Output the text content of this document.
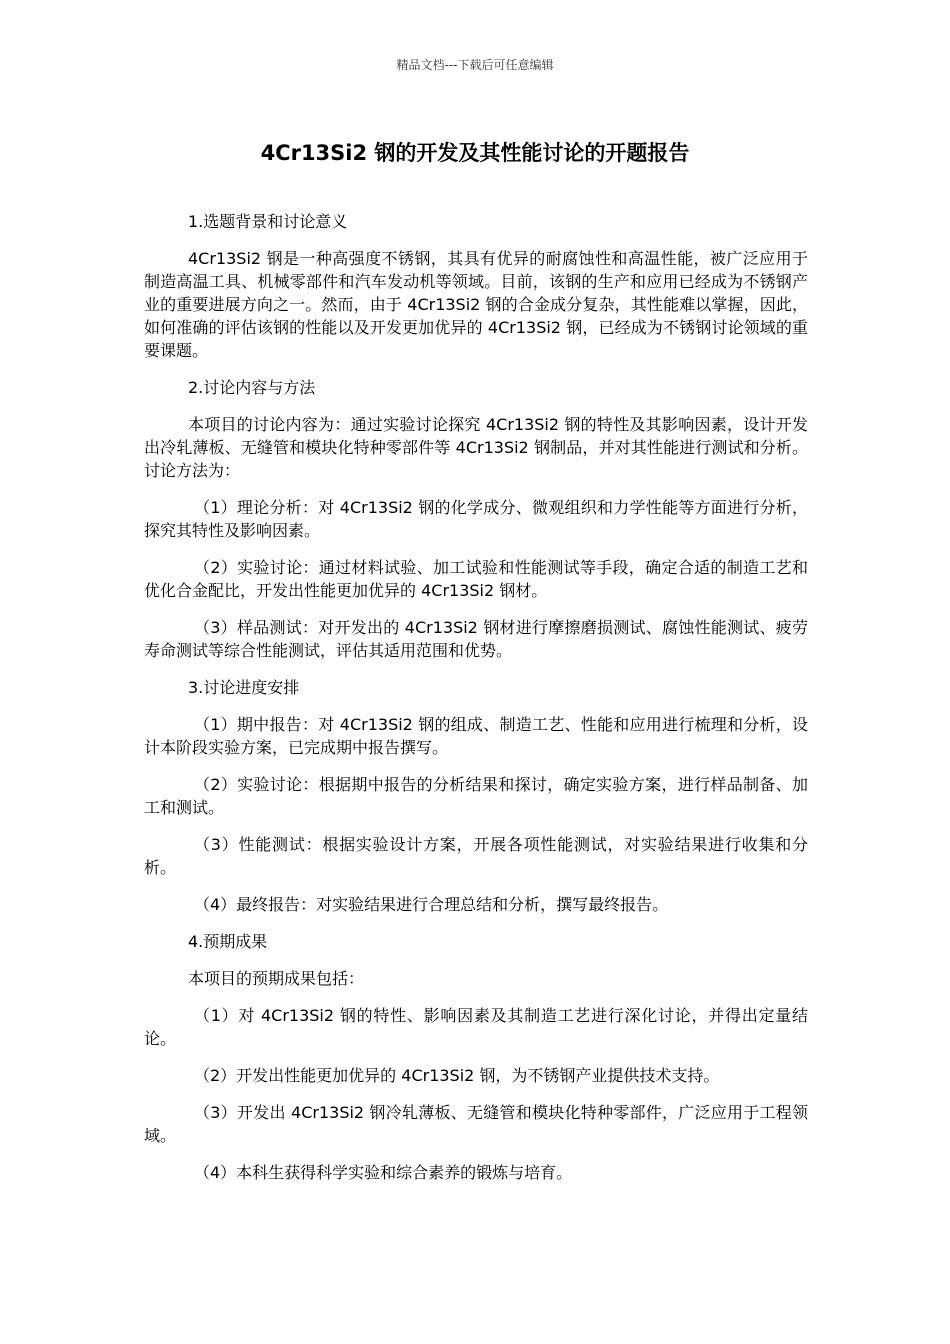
精品文档---下载后可任意编辑
4Cr13Si2 钢的开发及其性能讨论的开题报告

1.选题背景和讨论意义

4Cr13Si2 钢是一种高强度不锈钢，其具有优异的耐腐蚀性和高温性能，被广泛应用于制造高温工具、机械零部件和汽车发动机等领域。目前，该钢的生产和应用已经成为不锈钢产业的重要进展方向之一。然而，由于 4Cr13Si2 钢的合金成分复杂，其性能难以掌握，因此，如何准确的评估该钢的性能以及开发更加优异的 4Cr13Si2 钢，已经成为不锈钢讨论领域的重要课题。

2.讨论内容与方法

本项目的讨论内容为：通过实验讨论探究 4Cr13Si2 钢的特性及其影响因素，设计开发出冷轧薄板、无缝管和模块化特种零部件等 4Cr13Si2 钢制品，并对其性能进行测试和分析。讨论方法为：

（1）理论分析：对 4Cr13Si2 钢的化学成分、微观组织和力学性能等方面进行分析，探究其特性及影响因素。

（2）实验讨论：通过材料试验、加工试验和性能测试等手段，确定合适的制造工艺和优化合金配比，开发出性能更加优异的 4Cr13Si2 钢材。

（3）样品测试：对开发出的 4Cr13Si2 钢材进行摩擦磨损测试、腐蚀性能测试、疲劳寿命测试等综合性能测试，评估其适用范围和优势。

3.讨论进度安排

（1）期中报告：对 4Cr13Si2 钢的组成、制造工艺、性能和应用进行梳理和分析，设计本阶段实验方案，已完成期中报告撰写。

（2）实验讨论：根据期中报告的分析结果和探讨，确定实验方案，进行样品制备、加工和测试。

（3）性能测试：根据实验设计方案，开展各项性能测试，对实验结果进行收集和分析。

（4）最终报告：对实验结果进行合理总结和分析，撰写最终报告。

4.预期成果

本项目的预期成果包括：

（1）对 4Cr13Si2 钢的特性、影响因素及其制造工艺进行深化讨论，并得出定量结论。

（2）开发出性能更加优异的 4Cr13Si2 钢，为不锈钢产业提供技术支持。

（3）开发出 4Cr13Si2 钢冷轧薄板、无缝管和模块化特种零部件，广泛应用于工程领域。

（4）本科生获得科学实验和综合素养的锻炼与培育。
